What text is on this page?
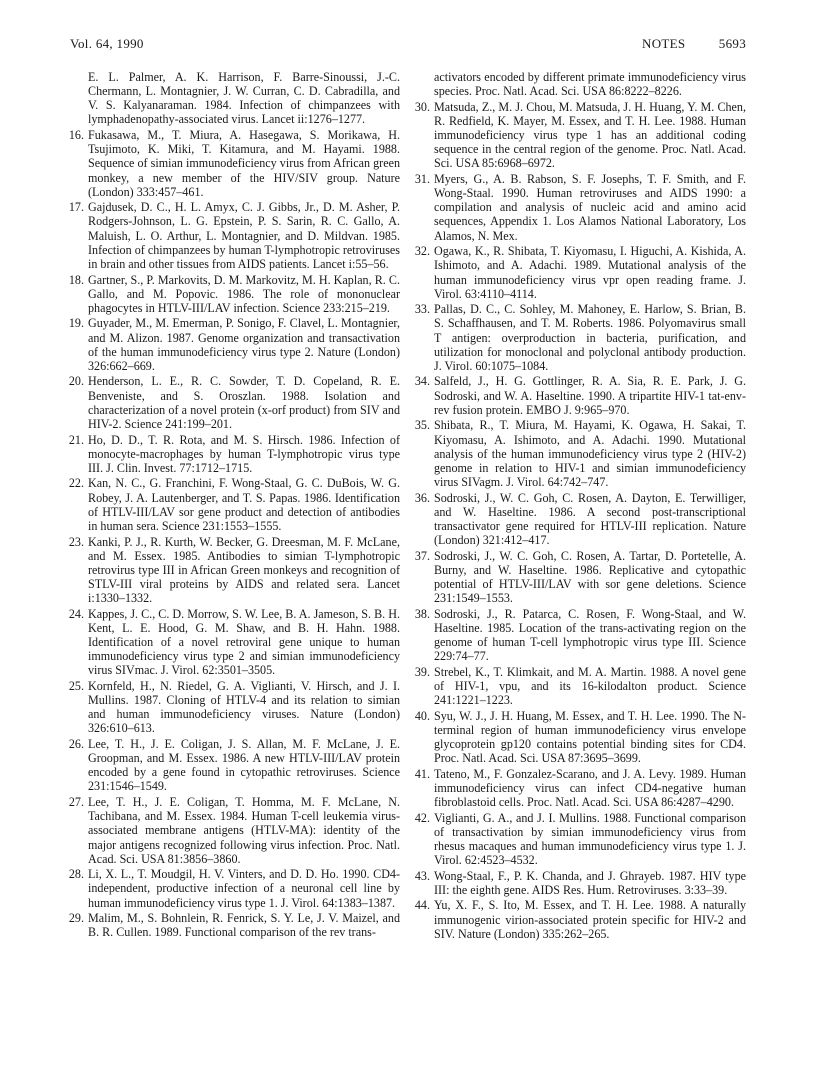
Vol. 64, 1990	NOTES	5693
E. L. Palmer, A. K. Harrison, F. Barre-Sinoussi, J.-C. Chermann, L. Montagnier, J. W. Curran, C. D. Cabradilla, and V. S. Kalyanaraman. 1984. Infection of chimpanzees with lymphadenopathy-associated virus. Lancet ii:1276–1277.
16. Fukasawa, M., T. Miura, A. Hasegawa, S. Morikawa, H. Tsujimoto, K. Miki, T. Kitamura, and M. Hayami. 1988. Sequence of simian immunodeficiency virus from African green monkey, a new member of the HIV/SIV group. Nature (London) 333:457–461.
17. Gajdusek, D. C., H. L. Amyx, C. J. Gibbs, Jr., D. M. Asher, P. Rodgers-Johnson, L. G. Epstein, P. S. Sarin, R. C. Gallo, A. Maluish, L. O. Arthur, L. Montagnier, and D. Mildvan. 1985. Infection of chimpanzees by human T-lymphotropic retroviruses in brain and other tissues from AIDS patients. Lancet i:55–56.
18. Gartner, S., P. Markovits, D. M. Markovitz, M. H. Kaplan, R. C. Gallo, and M. Popovic. 1986. The role of mononuclear phagocytes in HTLV-III/LAV infection. Science 233:215–219.
19. Guyader, M., M. Emerman, P. Sonigo, F. Clavel, L. Montagnier, and M. Alizon. 1987. Genome organization and transactivation of the human immunodeficiency virus type 2. Nature (London) 326:662–669.
20. Henderson, L. E., R. C. Sowder, T. D. Copeland, R. E. Benveniste, and S. Oroszlan. 1988. Isolation and characterization of a novel protein (x-orf product) from SIV and HIV-2. Science 241:199–201.
21. Ho, D. D., T. R. Rota, and M. S. Hirsch. 1986. Infection of monocyte-macrophages by human T-lymphotropic virus type III. J. Clin. Invest. 77:1712–1715.
22. Kan, N. C., G. Franchini, F. Wong-Staal, G. C. DuBois, W. G. Robey, J. A. Lautenberger, and T. S. Papas. 1986. Identification of HTLV-III/LAV sor gene product and detection of antibodies in human sera. Science 231:1553–1555.
23. Kanki, P. J., R. Kurth, W. Becker, G. Dreesman, M. F. McLane, and M. Essex. 1985. Antibodies to simian T-lymphotropic retrovirus type III in African Green monkeys and recognition of STLV-III viral proteins by AIDS and related sera. Lancet i:1330–1332.
24. Kappes, J. C., C. D. Morrow, S. W. Lee, B. A. Jameson, S. B. H. Kent, L. E. Hood, G. M. Shaw, and B. H. Hahn. 1988. Identification of a novel retroviral gene unique to human immunodeficiency virus type 2 and simian immunodeficiency virus SIVmac. J. Virol. 62:3501–3505.
25. Kornfeld, H., N. Riedel, G. A. Viglianti, V. Hirsch, and J. I. Mullins. 1987. Cloning of HTLV-4 and its relation to simian and human immunodeficiency viruses. Nature (London) 326:610–613.
26. Lee, T. H., J. E. Coligan, J. S. Allan, M. F. McLane, J. E. Groopman, and M. Essex. 1986. A new HTLV-III/LAV protein encoded by a gene found in cytopathic retroviruses. Science 231:1546–1549.
27. Lee, T. H., J. E. Coligan, T. Homma, M. F. McLane, N. Tachibana, and M. Essex. 1984. Human T-cell leukemia virus-associated membrane antigens (HTLV-MA): identity of the major antigens recognized following virus infection. Proc. Natl. Acad. Sci. USA 81:3856–3860.
28. Li, X. L., T. Moudgil, H. V. Vinters, and D. D. Ho. 1990. CD4-independent, productive infection of a neuronal cell line by human immunodeficiency virus type 1. J. Virol. 64:1383–1387.
29. Malim, M., S. Bohnlein, R. Fenrick, S. Y. Le, J. V. Maizel, and B. R. Cullen. 1989. Functional comparison of the rev trans-
activators encoded by different primate immunodeficiency virus species. Proc. Natl. Acad. Sci. USA 86:8222–8226.
30. Matsuda, Z., M. J. Chou, M. Matsuda, J. H. Huang, Y. M. Chen, R. Redfield, K. Mayer, M. Essex, and T. H. Lee. 1988. Human immunodeficiency virus type 1 has an additional coding sequence in the central region of the genome. Proc. Natl. Acad. Sci. USA 85:6968–6972.
31. Myers, G., A. B. Rabson, S. F. Josephs, T. F. Smith, and F. Wong-Staal. 1990. Human retroviruses and AIDS 1990: a compilation and analysis of nucleic acid and amino acid sequences, Appendix 1. Los Alamos National Laboratory, Los Alamos, N. Mex.
32. Ogawa, K., R. Shibata, T. Kiyomasu, I. Higuchi, A. Kishida, A. Ishimoto, and A. Adachi. 1989. Mutational analysis of the human immunodeficiency virus vpr open reading frame. J. Virol. 63:4110–4114.
33. Pallas, D. C., C. Sohley, M. Mahoney, E. Harlow, S. Brian, B. S. Schaffhausen, and T. M. Roberts. 1986. Polyomavirus small T antigen: overproduction in bacteria, purification, and utilization for monoclonal and polyclonal antibody production. J. Virol. 60:1075–1084.
34. Salfeld, J., H. G. Gottlinger, R. A. Sia, R. E. Park, J. G. Sodroski, and W. A. Haseltine. 1990. A tripartite HIV-1 tat-env-rev fusion protein. EMBO J. 9:965–970.
35. Shibata, R., T. Miura, M. Hayami, K. Ogawa, H. Sakai, T. Kiyomasu, A. Ishimoto, and A. Adachi. 1990. Mutational analysis of the human immunodeficiency virus type 2 (HIV-2) genome in relation to HIV-1 and simian immunodeficiency virus SIVagm. J. Virol. 64:742–747.
36. Sodroski, J., W. C. Goh, C. Rosen, A. Dayton, E. Terwilliger, and W. Haseltine. 1986. A second post-transcriptional transactivator gene required for HTLV-III replication. Nature (London) 321:412–417.
37. Sodroski, J., W. C. Goh, C. Rosen, A. Tartar, D. Portetelle, A. Burny, and W. Haseltine. 1986. Replicative and cytopathic potential of HTLV-III/LAV with sor gene deletions. Science 231:1549–1553.
38. Sodroski, J., R. Patarca, C. Rosen, F. Wong-Staal, and W. Haseltine. 1985. Location of the trans-activating region on the genome of human T-cell lymphotropic virus type III. Science 229:74–77.
39. Strebel, K., T. Klimkait, and M. A. Martin. 1988. A novel gene of HIV-1, vpu, and its 16-kilodalton product. Science 241:1221–1223.
40. Syu, W. J., J. H. Huang, M. Essex, and T. H. Lee. 1990. The N-terminal region of human immunodeficiency virus envelope glycoprotein gp120 contains potential binding sites for CD4. Proc. Natl. Acad. Sci. USA 87:3695–3699.
41. Tateno, M., F. Gonzalez-Scarano, and J. A. Levy. 1989. Human immunodeficiency virus can infect CD4-negative human fibroblastoid cells. Proc. Natl. Acad. Sci. USA 86:4287–4290.
42. Viglianti, G. A., and J. I. Mullins. 1988. Functional comparison of transactivation by simian immunodeficiency virus from rhesus macaques and human immunodeficiency virus type 1. J. Virol. 62:4523–4532.
43. Wong-Staal, F., P. K. Chanda, and J. Ghrayeb. 1987. HIV type III: the eighth gene. AIDS Res. Hum. Retroviruses. 3:33–39.
44. Yu, X. F., S. Ito, M. Essex, and T. H. Lee. 1988. A naturally immunogenic virion-associated protein specific for HIV-2 and SIV. Nature (London) 335:262–265.
